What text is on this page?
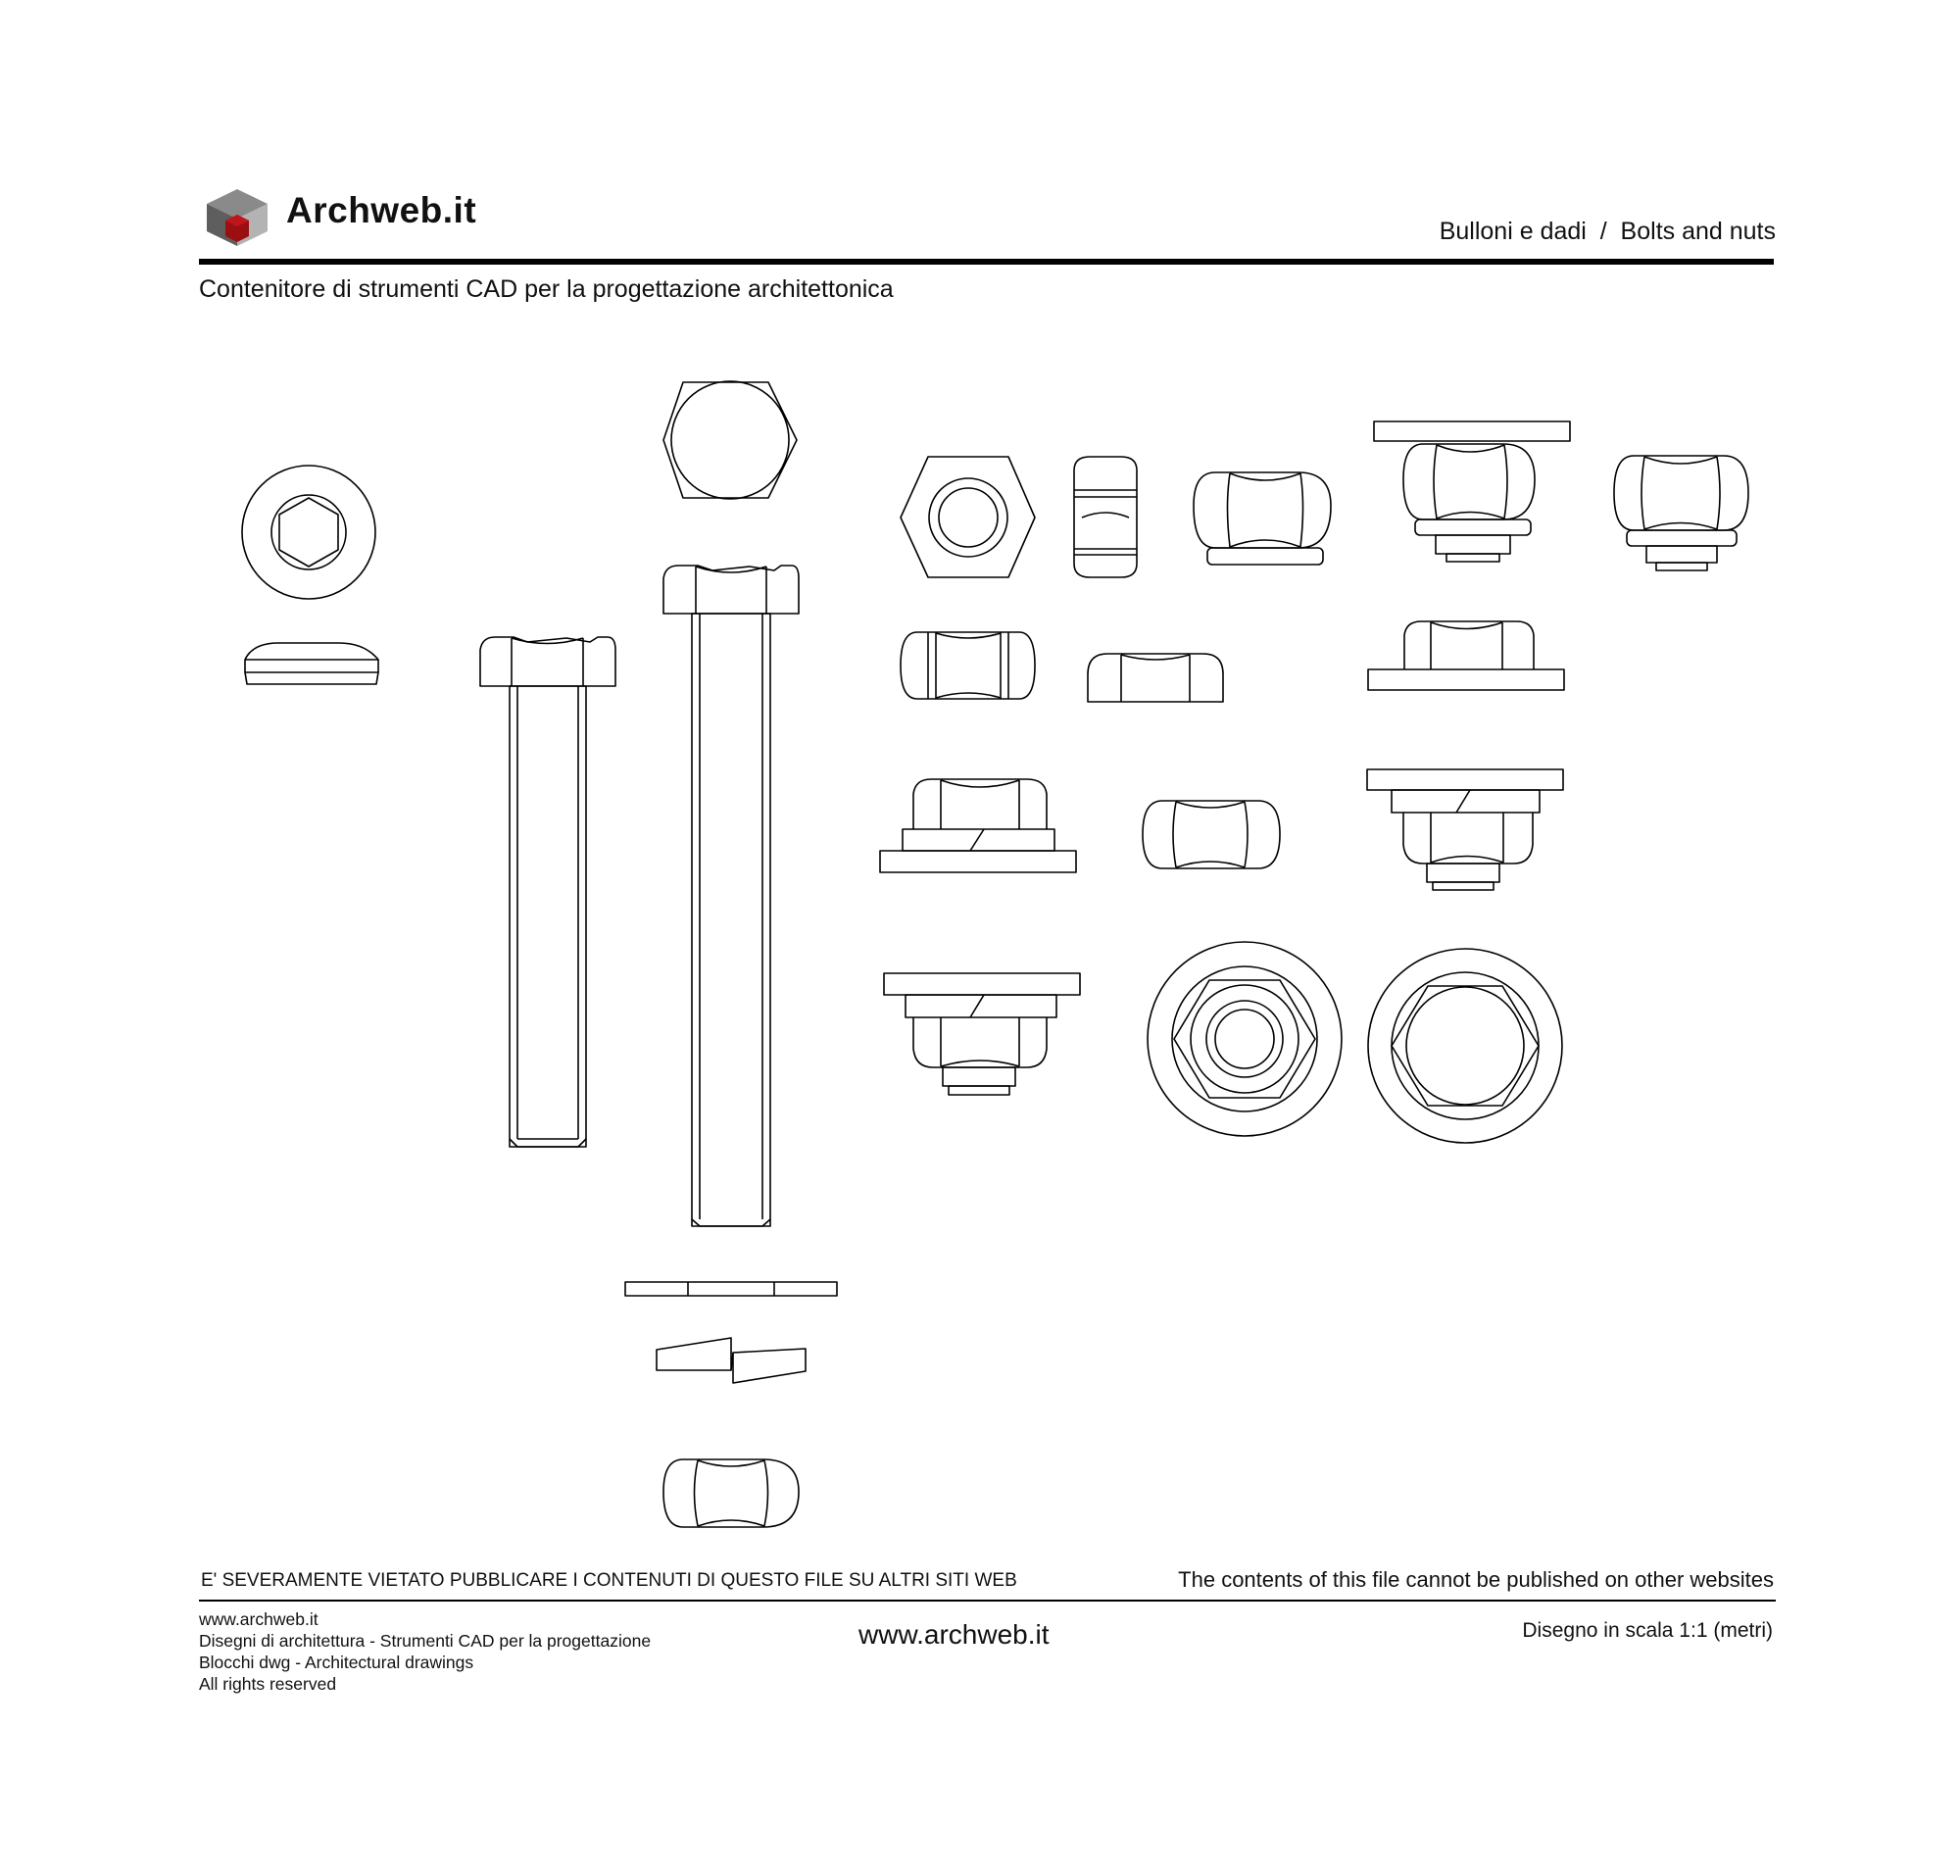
Archweb.it
Bulloni e dadi  /  Bolts and nuts
Contenitore di strumenti CAD per la progettazione architettonica
E' SEVERAMENTE VIETATO PUBBLICARE I CONTENUTI DI QUESTO FILE SU ALTRI SITI WEB	The contents of this file cannot be published on other websites
www.archweb.it
Disegni di architettura - Strumenti CAD per la progettazione
Blocchi dwg - Architectural drawings
All rights reserved
www.archweb.it	Disegno in scala 1:1 (metri)
